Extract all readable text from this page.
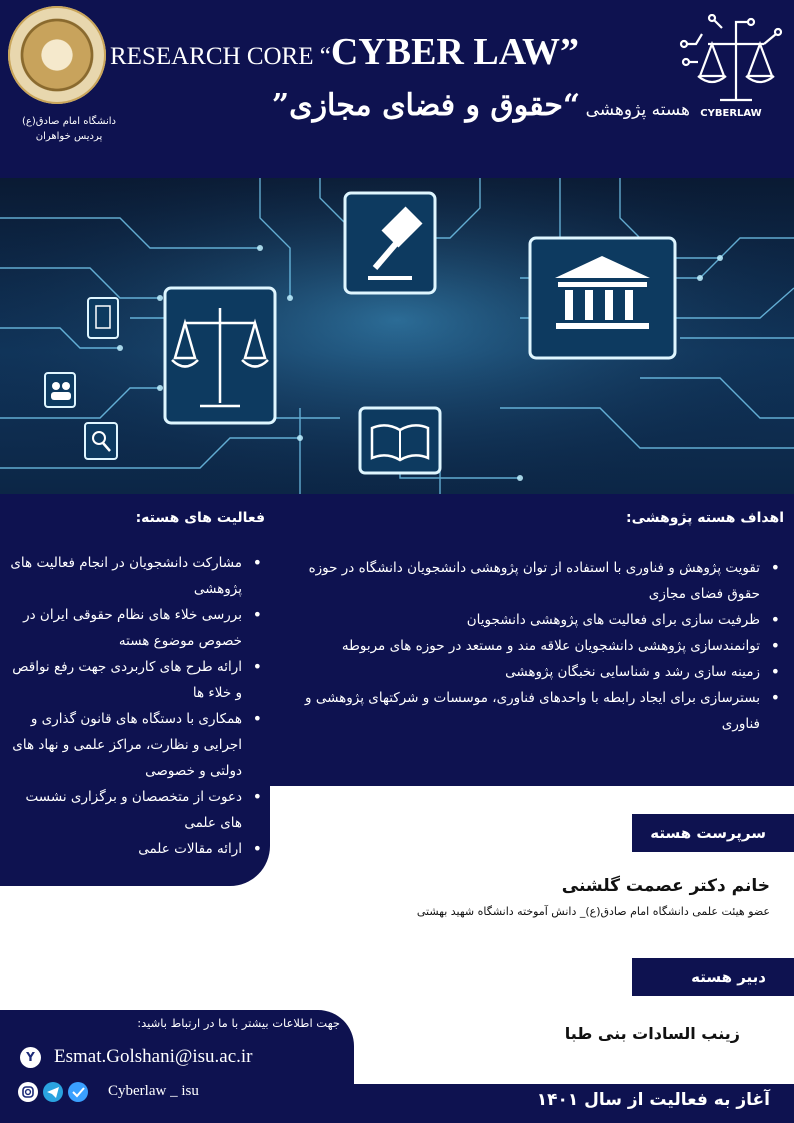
دانشگاه امام صادق(ع)
پردیس خواهران
RESEARCH CORE “CYBER LAW”
هسته پژوهشی “حقوق و فضای مجازی”	CYBERLAW
فعالیت های هسته:
• مشارکت دانشجویان در انجام فعالیت های پژوهشی
• بررسی خلاء های نظام حقوقی ایران در خصوص موضوع هسته
• ارائه طرح های کاربردی جهت رفع نواقص و خلاء ها
• همکاری با دستگاه های قانون گذاری و اجرایی و نظارت، مراکز علمی و نهاد های دولتی و خصوصی
• دعوت از متخصصان و برگزاری نشست های علمی
• ارائه مقالات علمی
اهداف هسته پژوهشی:
• تقویت پژوهش و فناوری با استفاده از توان پژوهشی دانشجویان دانشگاه در حوزه حقوق فضای مجازی
• ظرفیت سازی برای فعالیت های پژوهشی دانشجویان
• توانمندسازی پژوهشی دانشجویان علاقه مند و مستعد در حوزه های مربوطه
• زمینه سازی رشد و شناسایی نخبگان پژوهشی
• بسترسازی برای ایجاد رابطه با واحدهای فناوری، موسسات و شرکتهای پژوهشی و فناوری
سرپرست هسته
خانم دکتر عصمت گلشنی
عضو هیئت علمی دانشگاه امام صادق(ع)_ دانش آموخته دانشگاه شهید بهشتی
دبیر هسته
زینب السادات بنی طبا
جهت اطلاعات بیشتر با ما در ارتباط باشید:
Y	Esmat.Golshani@isu.ac.ir
Cyberlaw _ isu	آغاز به فعالیت از سال ۱۴۰۱
